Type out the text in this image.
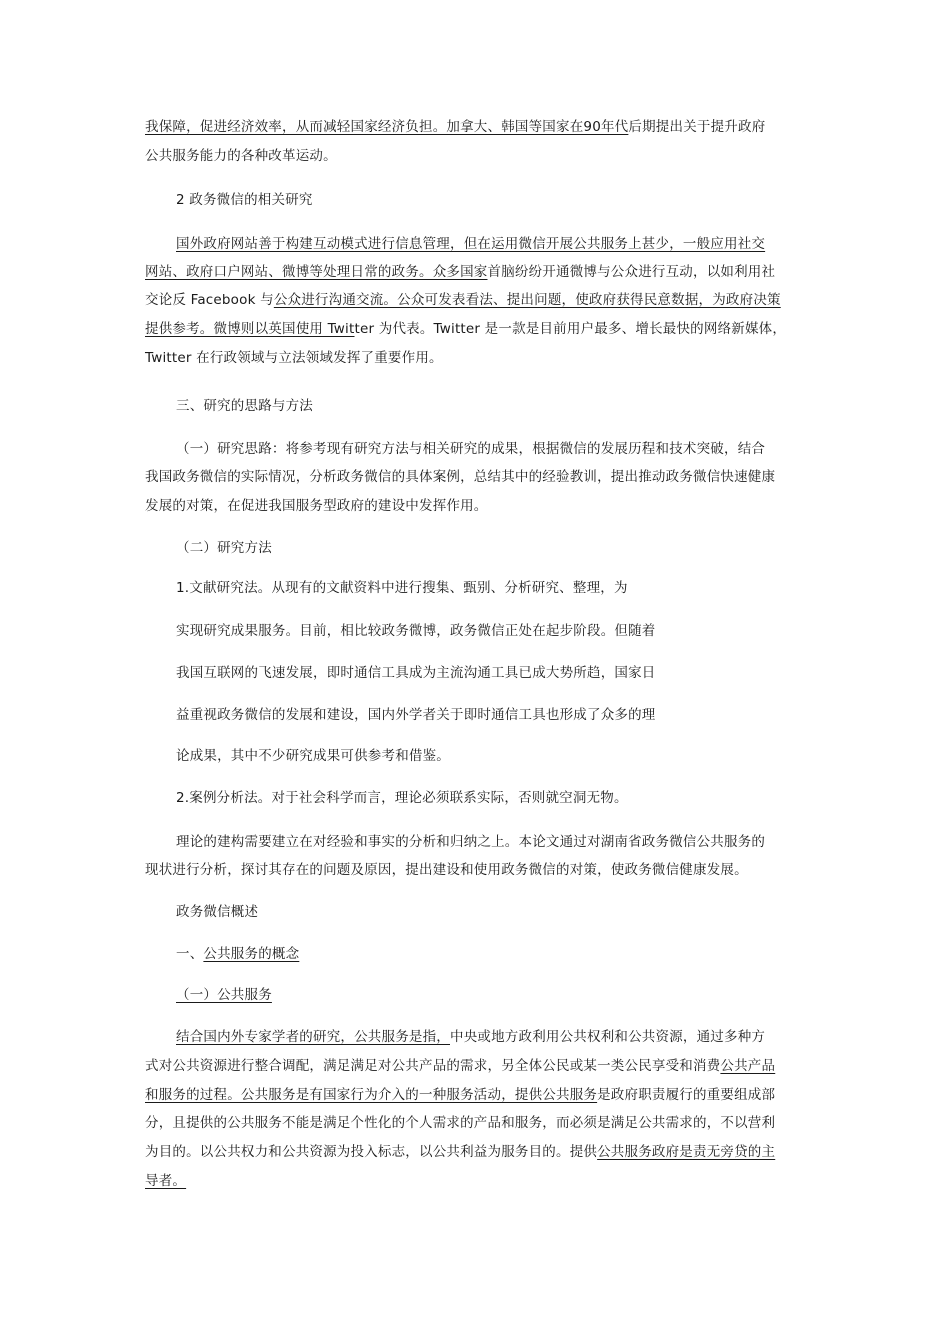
我保障，促进经济效率，从而减轻国家经济负担。加拿大、韩国等国家在90年代后期提出关于提升政府
公共服务能力的各种改革运动。
2 政务微信的相关研究
国外政府网站善于构建互动模式进行信息管理，但在运用微信开展公共服务上甚少，一般应用社交
网站、政府口户网站、微博等处理日常的政务。众多国家首脑纷纷开通微博与公众进行互动，以如利用社
交论反 Facebook 与公众进行沟通交流。公众可发表看法、提出问题，使政府获得民意数据，为政府决策
提供参考。微博则以英国使用 Twitter 为代表。Twitter 是一款是目前用户最多、增长最快的网络新媒体，
Twitter 在行政领域与立法领域发挥了重要作用。
三、研究的思路与方法
（一）研究思路：将参考现有研究方法与相关研究的成果，根据微信的发展历程和技术突破，结合
我国政务微信的实际情况，分析政务微信的具体案例，总结其中的经验教训，提出推动政务微信快速健康
发展的对策，在促进我国服务型政府的建设中发挥作用。
（二）研究方法
1.文献研究法。从现有的文献资料中进行搜集、甄别、分析研究、整理，为
实现研究成果服务。目前，相比较政务微博，政务微信正处在起步阶段。但随着
我国互联网的飞速发展，即时通信工具成为主流沟通工具已成大势所趋，国家日
益重视政务微信的发展和建设，国内外学者关于即时通信工具也形成了众多的理
论成果，其中不少研究成果可供参考和借鉴。
2.案例分析法。对于社会科学而言，理论必须联系实际，否则就空洞无物。
理论的建构需要建立在对经验和事实的分析和归纳之上。本论文通过对湖南省政务微信公共服务的
现状进行分析，探讨其存在的问题及原因，提出建设和使用政务微信的对策，使政务微信健康发展。
政务微信概述
一、公共服务的概念
（一）公共服务
结合国内外专家学者的研究，公共服务是指，中央或地方政利用公共权利和公共资源，通过多种方
式对公共资源进行整合调配，满足满足对公共产品的需求，另全体公民或某一类公民享受和消费公共产品
和服务的过程。公共服务是有国家行为介入的一种服务活动，提供公共服务是政府职责履行的重要组成部
分，且提供的公共服务不能是满足个性化的个人需求的产品和服务，而必须是满足公共需求的，不以营利
为目的。以公共权力和公共资源为投入标志，以公共利益为服务目的。提供公共服务政府是责无旁贷的主
导者。
